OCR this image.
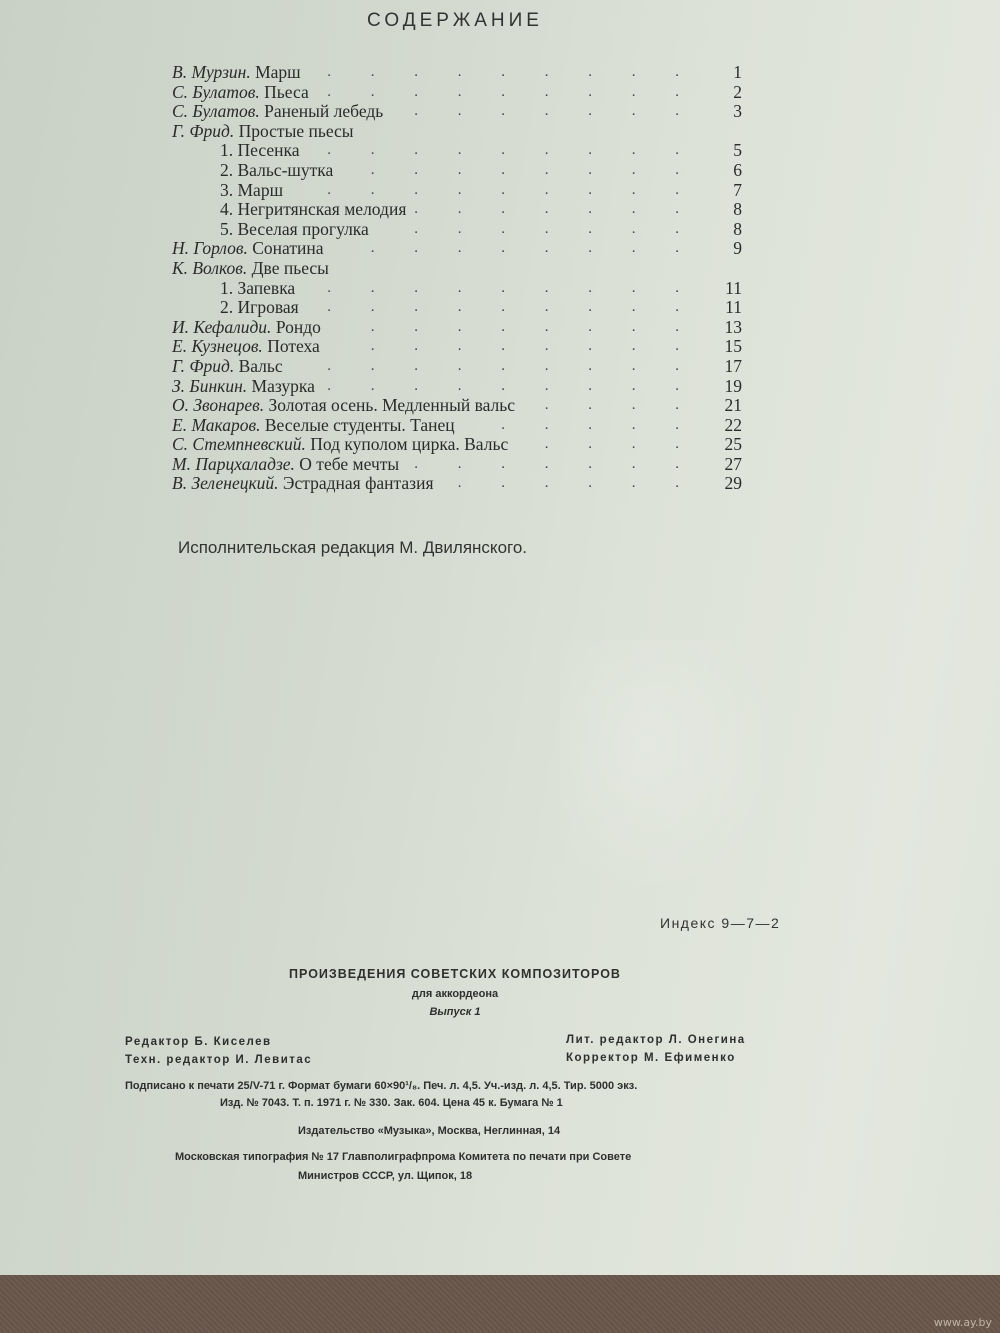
СОДЕРЖАНИЕ
В. Мурзин. Марш . . . . . . . . .	1
С. Булатов. Пьеса . . . . . . . . .	2
С. Булатов. Раненый лебедь . . . . . . .	3
Г. Фрид. Простые пьесы
1. Песенка . . . . . . . . .	5
2. Вальс-шутка . . . . . . . .	6
3. Марш	. . . . . . . . .	7
4. Негритянская мелодия . . . . . . .	8
5. Веселая прогулка	. . . . . . .	8
Н. Горлов. Сонатина	. . . . . . . .	9
К. Волков. Две пьесы
1. Запевка . . . . . . . . .	11
2. Игровая . . . . . . . . .	11
И. Кефалиди. Рондо	. . . . . . . .	13
Е. Кузнецов. Потеха	. . . . . . . .	15
Г. Фрид. Вальс	. . . . . . . . .	17
З. Бинкин. Мазурка . . . . . . . . .	19
О. Звонарев. Золотая осень. Медленный вальс . . . .	21
Е. Макаров. Веселые студенты. Танец	. . . . .	22
С. Стемпневский. Под куполом цирка. Вальс . . . .	25
М. Парцхаладзе. О тебе мечты . . . . . . .	27
В. Зеленецкий. Эстрадная фантазия . . . . . .	29

Исполнительская редакция М. Двилянского.

Индекс 9—7—2

ПРОИЗВЕДЕНИЯ СОВЕТСКИХ КОМПОЗИТОРОВ

для аккордеона

Выпуск 1

Редактор Б. Киселев

Техн. редактор И. Левитас

Лит. редактор Л. Онегина

Корректор М. Ефименко

Подписано к печати 25/V-71 г. Формат бумаги 60×90¹/₈. Печ. л. 4,5. Уч.-изд. л. 4,5. Тир. 5000 экз.

Изд. № 7043. Т. п. 1971 г. № 330. Зак. 604. Цена 45 к. Бумага № 1

Издательство «Музыка», Москва, Неглинная, 14

Московская типография № 17 Главполиграфпрома Комитета по печати при Совете

Министров СССР, ул. Щипок, 18

www.ay.by
